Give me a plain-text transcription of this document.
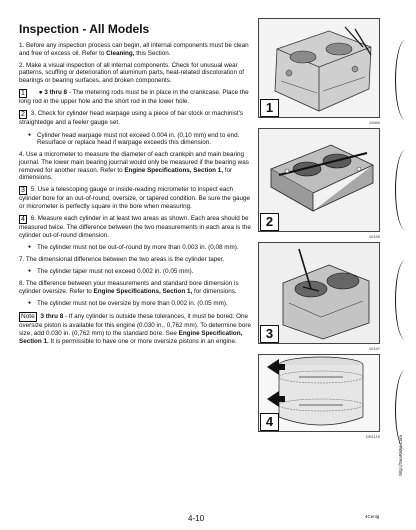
Inspection - All Models

1. Before any inspection process can begin, all internal components must be clean and free of excess oil. Refer to Cleaning, this Section.

2. Make a visual inspection of all internal components. Check for unusual wear patterns, scuffing or deterioration of aluminum parts, heat-related discoloration of bearings or bearing surfaces, and broken components.

1 ● 3 thru 8 - The metering rods must be in place in the crankcase. Place the long rod in the upper hole and the short rod in the lower hole.

2 3. Check for cylinder head warpage using a piece of bar stock or machinist's straightedge and a feeler gauge set.

● Cylinder head warpage must not exceed 0.004 in. (0,10 mm) end to end. Resurface or replace head if warpage exceeds this dimension.

4. Use a micrometer to measure the diameter of each crankpin and main bearing journal. The lower main bearing journal would only be measured if the bearing was removed for another reason. Refer to Engine Specifications, Section 1, for dimensions.

3 5. Use a telescoping gauge or inside-reading micrometer to inspect each cylinder bore for an out-of-round, oversize, or tapered condition. Be sure the gauge or micrometer is perfectly square in the bore when measuring.

4 6. Measure each cylinder in at least two areas as shown. Each area should be measured twice. The difference between the two measurements in each area is the cylinder out-of-round dimension.

● The cylinder must not be out-of-round by more than 0.003 in. (0,08 mm).

7. The dimensional difference between the two areas is the cylinder taper.

● The cylinder taper must not exceed 0.002 in. (0,05 mm).

8. The difference between your measurements and standard bore dimension is cylinder oversize. Refer to Engine Specifications, Section 1, for dimensions.

● The cylinder must not be oversize by more than 0.002 in. (0.05 mm).

Note 3 thru 8 - If any cylinder is outside these tolerances, it must be bored. One oversize piston is available for this engine (0.030 in., 0,762 mm). To determine bore size, add 0.030 in. (0,762 mm) to the standard bore. See Engine Specification, Section 1. It is permissible to have one or more oversize pistons in an engine.

1
12660
2
10150
3
10157
4
DR1119	http://SeaRider.Com
4-10	4Cenig
